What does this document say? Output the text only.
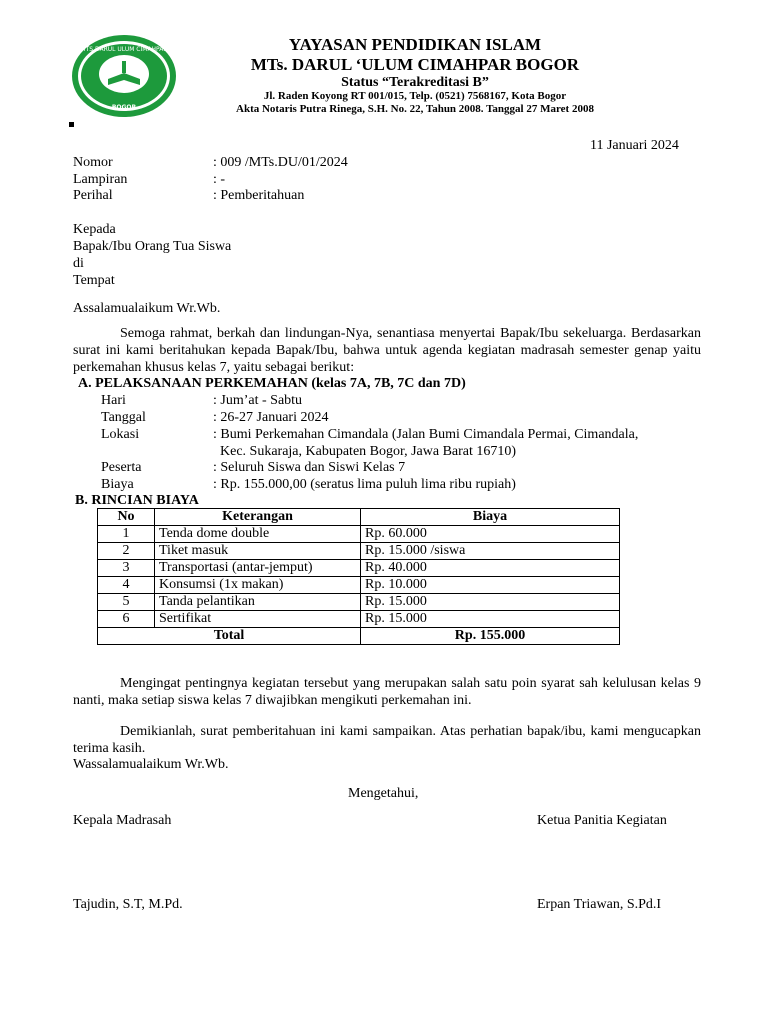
MTS DARUL ULUM CIMAHPAR
BOGOR
YAYASAN PENDIDIKAN ISLAM
MTs. DARUL ‘ULUM CIMAHPAR BOGOR
Status “Terakreditasi B”
Jl. Raden Koyong RT 001/015, Telp. (0521) 7568167, Kota Bogor
Akta Notaris Putra Rinega, S.H. No. 22, Tahun 2008. Tanggal 27 Maret 2008
11 Januari 2024
Nomor	: 009 /MTs.DU/01/2024
Lampiran	: -
Perihal	: Pemberitahuan
Kepada
Bapak/Ibu Orang Tua Siswa
di
Tempat
Assalamualaikum Wr.Wb.
Semoga rahmat, berkah dan lindungan-Nya, senantiasa menyertai Bapak/Ibu sekeluarga. Berdasarkan surat ini kami beritahukan kepada Bapak/Ibu, bahwa untuk agenda kegiatan madrasah semester genap yaitu perkemahan khusus kelas 7, yaitu sebagai berikut:
A. PELAKSANAAN PERKEMAHAN (kelas 7A, 7B, 7C dan 7D)
Hari	: Jum’at - Sabtu
Tanggal	: 26-27 Januari 2024
Lokasi	: Bumi Perkemahan Cimandala (Jalan Bumi Cimandala Permai, Cimandala,
Kec. Sukaraja, Kabupaten Bogor, Jawa Barat 16710)
Peserta	: Seluruh Siswa dan Siswi Kelas 7
Biaya	: Rp. 155.000,00 (seratus lima puluh lima ribu rupiah)
B. RINCIAN BIAYA
No	Keterangan	Biaya
1	Tenda dome double	Rp. 60.000
2	Tiket masuk	Rp. 15.000 /siswa
3	Transportasi (antar-jemput)	Rp. 40.000
4	Konsumsi (1x makan)	Rp. 10.000
5	Tanda pelantikan	Rp. 15.000
6	Sertifikat	Rp. 15.000
Total		Rp. 155.000
Mengingat pentingnya kegiatan tersebut yang merupakan salah satu poin syarat sah kelulusan kelas 9 nanti, maka setiap siswa kelas 7 diwajibkan mengikuti perkemahan ini.
Demikianlah, surat pemberitahuan ini kami sampaikan. Atas perhatian bapak/ibu, kami mengucapkan terima kasih.
Wassalamualaikum Wr.Wb.
Mengetahui,
Kepala Madrasah	Ketua Panitia Kegiatan
Tajudin, S.T, M.Pd.	Erpan Triawan, S.Pd.I
